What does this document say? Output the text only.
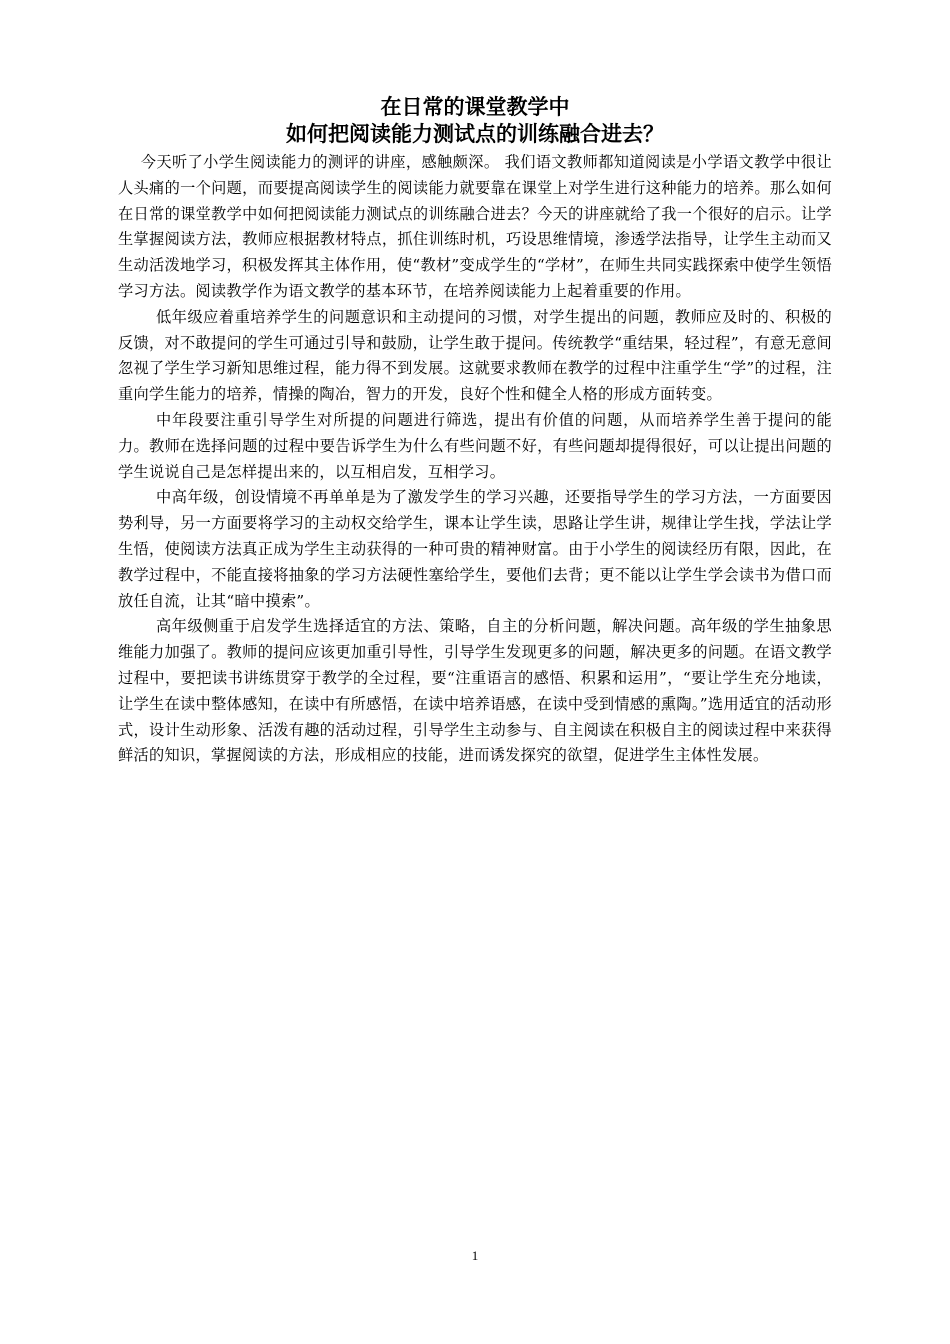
在日常的课堂教学中
如何把阅读能力测试点的训练融合进去？

今天听了小学生阅读能力的测评的讲座，感触颇深。 我们语文教师都知道阅读是小学语文教学中很让人头痛的一个问题，而要提高阅读学生的阅读能力就要靠在课堂上对学生进行这种能力的培养。那么如何在日常的课堂教学中如何把阅读能力测试点的训练融合进去？今天的讲座就给了我一个很好的启示。让学生掌握阅读方法，教师应根据教材特点，抓住训练时机，巧设思维情境，渗透学法指导，让学生主动而又生动活泼地学习，积极发挥其主体作用，使“教材”变成学生的“学材”，在师生共同实践探索中使学生领悟学习方法。阅读教学作为语文教学的基本环节，在培养阅读能力上起着重要的作用。

低年级应着重培养学生的问题意识和主动提问的习惯，对学生提出的问题，教师应及时的、积极的反馈，对不敢提问的学生可通过引导和鼓励，让学生敢于提问。传统教学“重结果，轻过程”，有意无意间忽视了学生学习新知思维过程，能力得不到发展。这就要求教师在教学的过程中注重学生“学”的过程，注重向学生能力的培养，情操的陶冶，智力的开发，良好个性和健全人格的形成方面转变。

中年段要注重引导学生对所提的问题进行筛选，提出有价值的问题，从而培养学生善于提问的能力。教师在选择问题的过程中要告诉学生为什么有些问题不好，有些问题却提得很好，可以让提出问题的学生说说自己是怎样提出来的，以互相启发，互相学习。

中高年级，创设情境不再单单是为了激发学生的学习兴趣，还要指导学生的学习方法，一方面要因势利导，另一方面要将学习的主动权交给学生，课本让学生读，思路让学生讲，规律让学生找，学法让学生悟，使阅读方法真正成为学生主动获得的一种可贵的精神财富。由于小学生的阅读经历有限，因此，在教学过程中，不能直接将抽象的学习方法硬性塞给学生，要他们去背；更不能以让学生学会读书为借口而放任自流，让其“暗中摸索”。

高年级侧重于启发学生选择适宜的方法、策略，自主的分析问题，解决问题。高年级的学生抽象思维能力加强了。教师的提问应该更加重引导性，引导学生发现更多的问题，解决更多的问题。在语文教学过程中，要把读书讲练贯穿于教学的全过程，要“注重语言的感悟、积累和运用”，“要让学生充分地读，让学生在读中整体感知，在读中有所感悟，在读中培养语感，在读中受到情感的熏陶。”选用适宜的活动形式，设计生动形象、活泼有趣的活动过程，引导学生主动参与、自主阅读在积极自主的阅读过程中来获得鲜活的知识，掌握阅读的方法，形成相应的技能，进而诱发探究的欲望，促进学生主体性发展。

1
